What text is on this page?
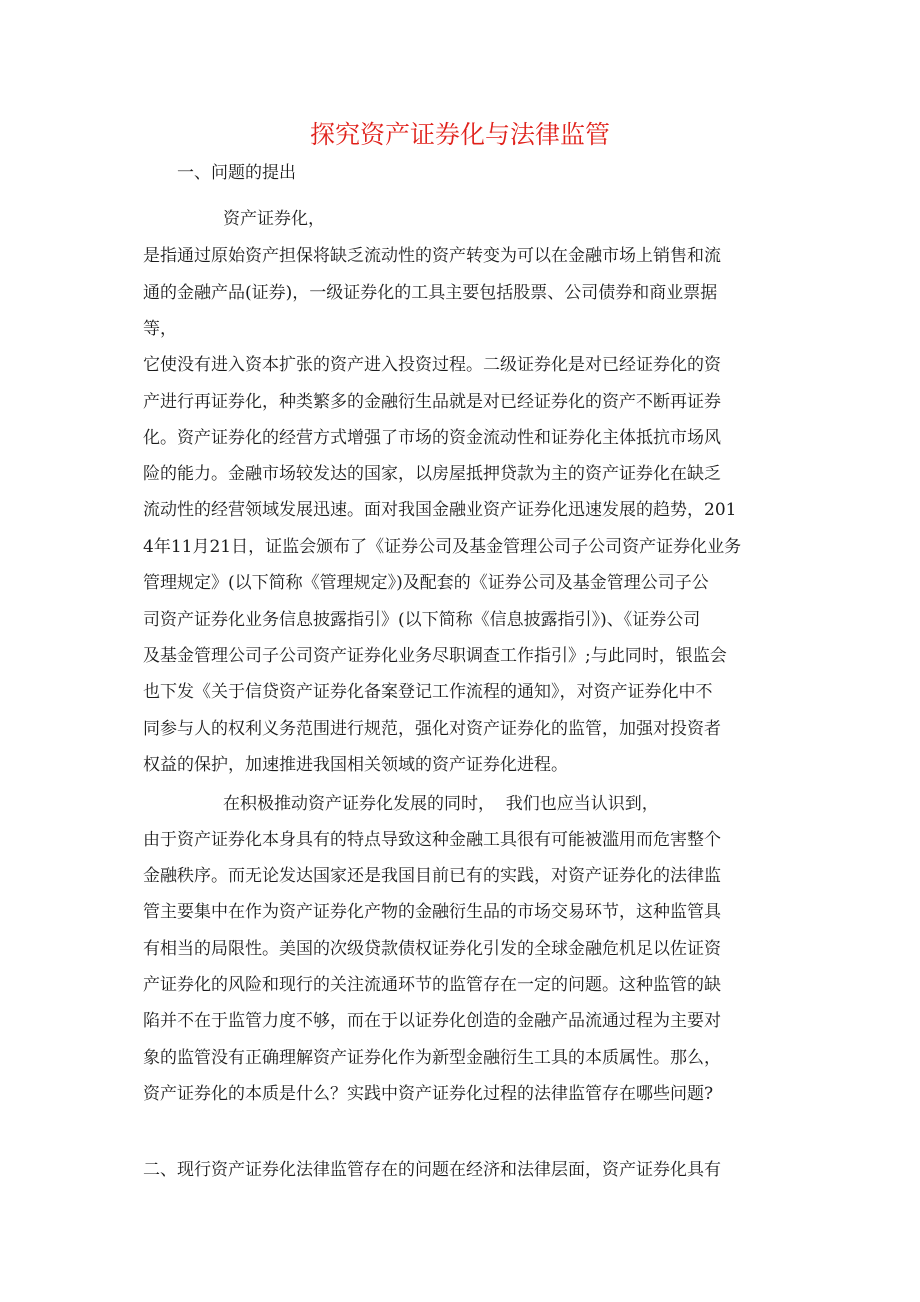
探究资产证券化与法律监管
一、问题的提出
资产证券化，
是指通过原始资产担保将缺乏流动性的资产转变为可以在金融市场上销售和流
通的金融产品(证券)，一级证券化的工具主要包括股票、公司债券和商业票据
等，
它使没有进入资本扩张的资产进入投资过程。二级证券化是对已经证券化的资
产进行再证券化，种类繁多的金融衍生品就是对已经证券化的资产不断再证券
化。资产证券化的经营方式增强了市场的资金流动性和证券化主体抵抗市场风
险的能力。金融市场较发达的国家，以房屋抵押贷款为主的资产证券化在缺乏
流动性的经营领域发展迅速。面对我国金融业资产证券化迅速发展的趋势，201
4年11月21日，证监会颁布了《证券公司及基金管理公司子公司资产证券化业务
管理规定》(以下简称《管理规定》)及配套的《证券公司及基金管理公司子公
司资产证券化业务信息披露指引》(以下简称《信息披露指引》)、《证券公司
及基金管理公司子公司资产证券化业务尽职调查工作指引》;与此同时，银监会
也下发《关于信贷资产证券化备案登记工作流程的通知》，对资产证券化中不
同参与人的权利义务范围进行规范，强化对资产证券化的监管，加强对投资者
权益的保护，加速推进我国相关领域的资产证券化进程。
在积极推动资产证券化发展的同时，  我们也应当认识到，
由于资产证券化本身具有的特点导致这种金融工具很有可能被滥用而危害整个
金融秩序。而无论发达国家还是我国目前已有的实践，对资产证券化的法律监
管主要集中在作为资产证券化产物的金融衍生品的市场交易环节，这种监管具
有相当的局限性。美国的次级贷款债权证券化引发的全球金融危机足以佐证资
产证券化的风险和现行的关注流通环节的监管存在一定的问题。这种监管的缺
陷并不在于监管力度不够，而在于以证券化创造的金融产品流通过程为主要对
象的监管没有正确理解资产证券化作为新型金融衍生工具的本质属性。那么，
资产证券化的本质是什么？实践中资产证券化过程的法律监管存在哪些问题?
二、现行资产证券化法律监管存在的问题在经济和法律层面，资产证券化具有
